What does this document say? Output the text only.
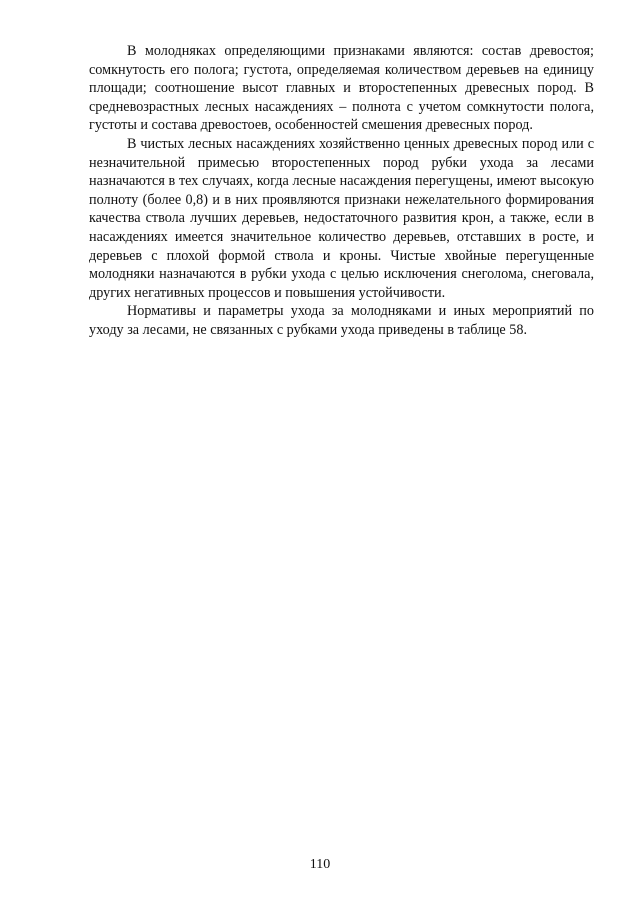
В молодняках определяющими признаками являются: состав древостоя; сомкнутость его полога; густота, определяемая количеством деревьев на единицу площади; соотношение высот главных и второстепенных древесных пород. В средневозрастных лесных насаждениях – полнота с учетом сомкнутости полога, густоты и состава древостоев, особенностей смешения древесных пород.

В чистых лесных насаждениях хозяйственно ценных древесных пород или с незначительной примесью второстепенных пород рубки ухода за лесами назначаются в тех случаях, когда лесные насаждения перегущены, имеют высокую полноту (более 0,8) и в них проявляются признаки нежелательного формирования качества ствола лучших деревьев, недостаточного развития крон, а также, если в насаждениях имеется значительное количество деревьев, отставших в росте, и деревьев с плохой формой ствола и кроны. Чистые хвойные перегущенные молодняки назначаются в рубки ухода с целью исключения снеголома, снеговала, других негативных процессов и повышения устойчивости.

Нормативы и параметры ухода за молодняками и иных мероприятий по уходу за лесами, не связанных с рубками ухода приведены в таблице 58.

110
